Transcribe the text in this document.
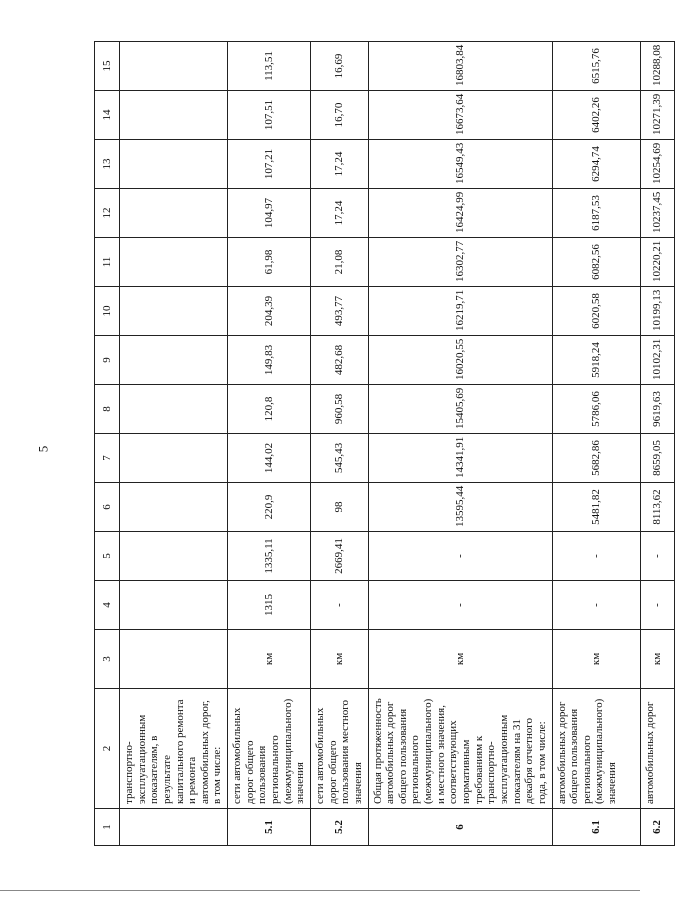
5
1	2	3	4	5	6	7	8	9	10	11	12	13	14	15
	транспортно-эксплуатационным показателям, в результате капитального ремонта и ремонта автомобильных дорог, в том числе:													
5.1	сети автомобильных дорог общего пользования регионального (межмуниципального) значения	км	1315	1335,11	220,9	144,02	120,8	149,83	204,39	61,98	104,97	107,21	107,51	113,51
5.2	сети автомобильных дорог общего пользования местного значения	км	-	2669,41	98	545,43	960,58	482,68	493,77	21,08	17,24	17,24	16,70	16,69
6	Общая протяженность автомобильных дорог общего пользования регионального (межмуниципального) и местного значения, соответствующих нормативным требованиям к транспортно-эксплуатационным показателям на 31 декабря отчетного года, в том числе:	км	-	-	13595,44	14341,91	15405,69	16020,55	16219,71	16302,77	16424,99	16549,43	16673,64	16803,84
6.1	автомобильных дорог общего пользования регионального (межмуниципального) значения	км	-	-	5481,82	5682,86	5786,06	5918,24	6020,58	6082,56	6187,53	6294,74	6402,26	6515,76
6.2	автомобильных дорог	км	-	-	8113,62	8659,05	9619,63	10102,31	10199,13	10220,21	10237,45	10254,69	10271,39	10288,08
